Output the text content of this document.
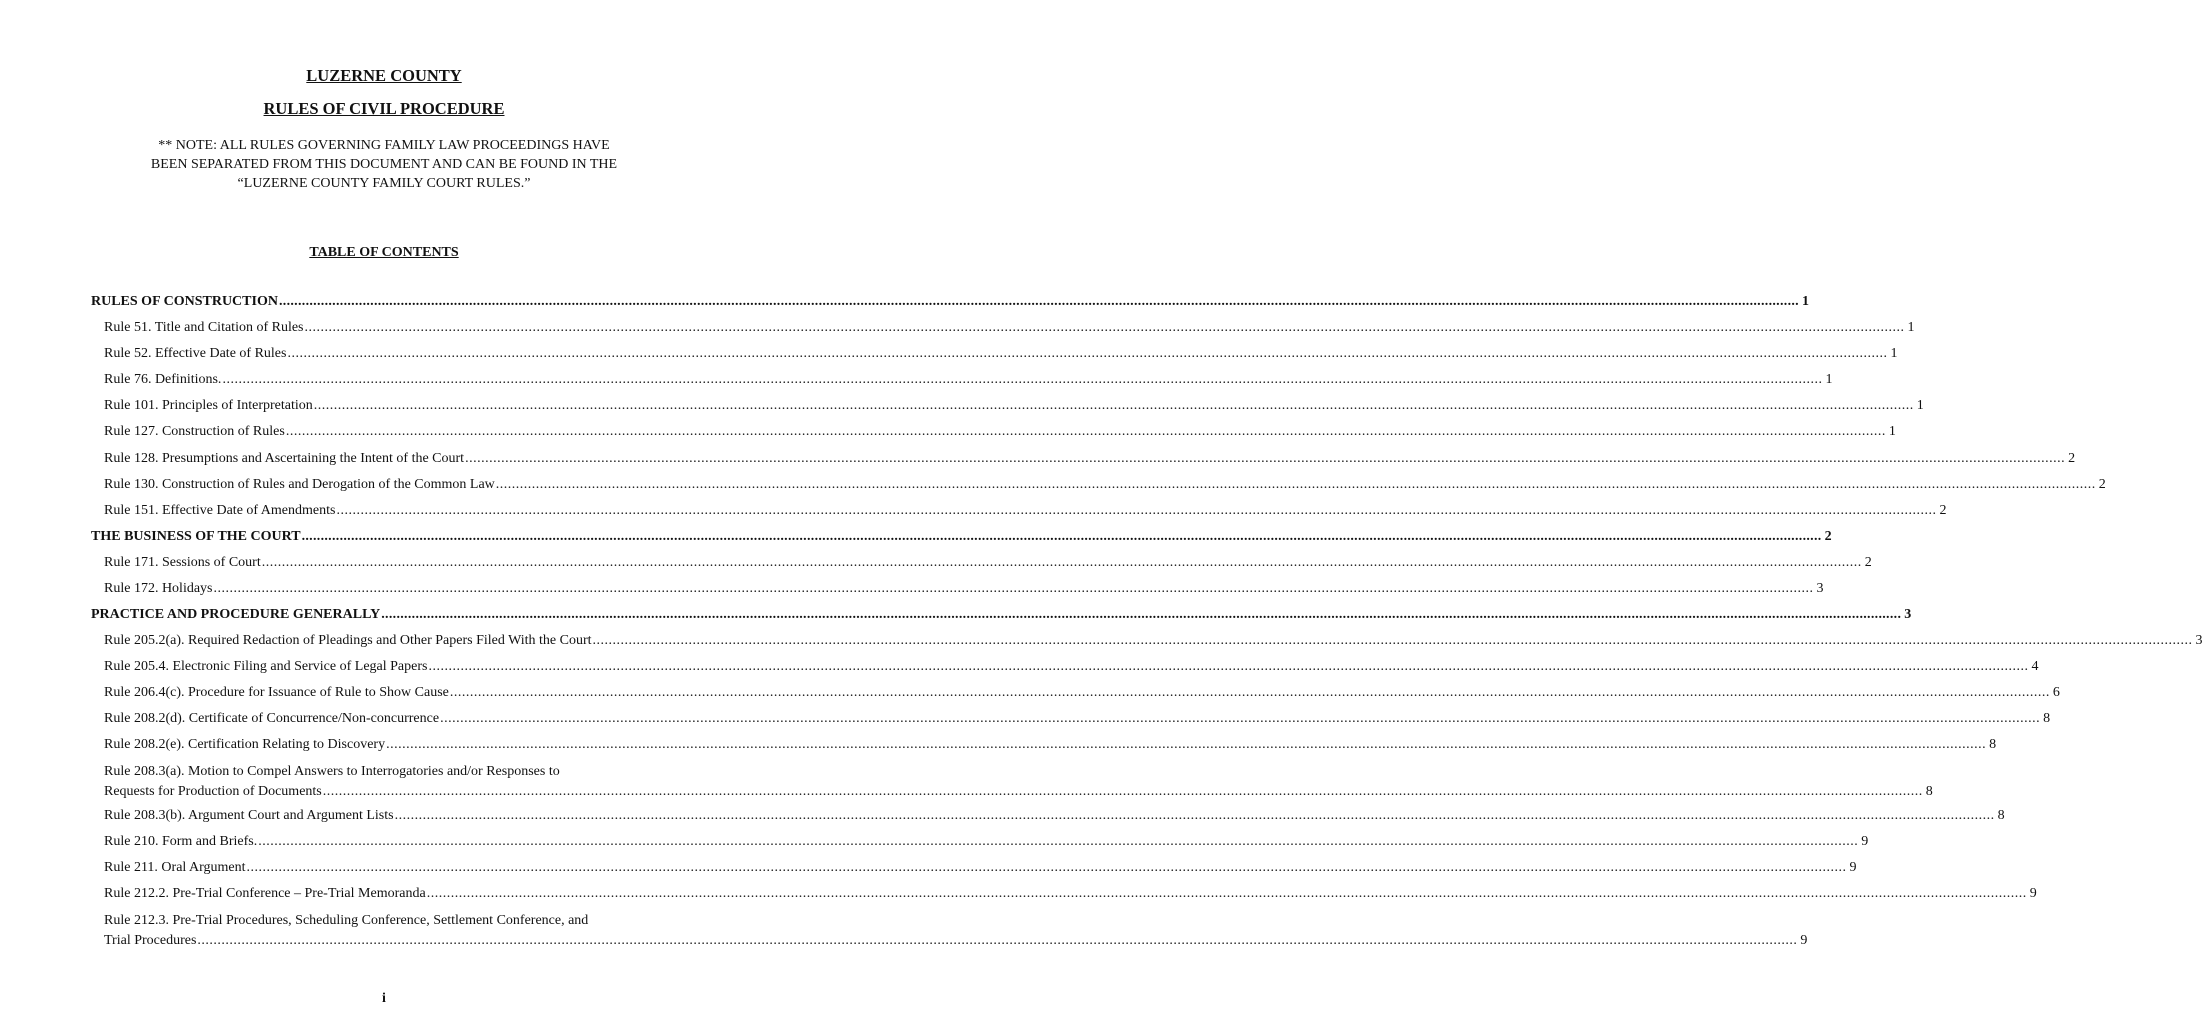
LUZERNE COUNTY
RULES OF CIVIL PROCEDURE
** NOTE: ALL RULES GOVERNING FAMILY LAW PROCEEDINGS HAVE
BEEN SEPARATED FROM THIS DOCUMENT AND CAN BE FOUND IN THE
“LUZERNE COUNTY FAMILY COURT RULES.”
TABLE OF CONTENTS
RULES OF CONSTRUCTION ................................................................................................................................................................................................................................................................................................................................................................................................................ 1
Rule 51. Title and Citation of Rules ................................................................................................................................................................................................................................................................................................................................................................................................................ 1
Rule 52. Effective Date of Rules ................................................................................................................................................................................................................................................................................................................................................................................................................ 1
Rule 76. Definitions. ................................................................................................................................................................................................................................................................................................................................................................................................................ 1
Rule 101. Principles of Interpretation ................................................................................................................................................................................................................................................................................................................................................................................................................ 1
Rule 127. Construction of Rules ................................................................................................................................................................................................................................................................................................................................................................................................................ 1
Rule 128. Presumptions and Ascertaining the Intent of the Court ................................................................................................................................................................................................................................................................................................................................................................................................................ 2
Rule 130. Construction of Rules and Derogation of the Common Law ................................................................................................................................................................................................................................................................................................................................................................................................................ 2
Rule 151. Effective Date of Amendments ................................................................................................................................................................................................................................................................................................................................................................................................................ 2
THE BUSINESS OF THE COURT ................................................................................................................................................................................................................................................................................................................................................................................................................ 2
Rule 171. Sessions of Court ................................................................................................................................................................................................................................................................................................................................................................................................................ 2
Rule 172. Holidays ................................................................................................................................................................................................................................................................................................................................................................................................................ 3
PRACTICE AND PROCEDURE GENERALLY ................................................................................................................................................................................................................................................................................................................................................................................................................ 3
Rule 205.2(a). Required Redaction of Pleadings and Other Papers Filed With the Court ................................................................................................................................................................................................................................................................................................................................................................................................................ 3
Rule 205.4. Electronic Filing and Service of Legal Papers ................................................................................................................................................................................................................................................................................................................................................................................................................ 4
Rule 206.4(c). Procedure for Issuance of Rule to Show Cause ................................................................................................................................................................................................................................................................................................................................................................................................................ 6
Rule 208.2(d). Certificate of Concurrence/Non-concurrence ................................................................................................................................................................................................................................................................................................................................................................................................................ 8
Rule 208.2(e). Certification Relating to Discovery ................................................................................................................................................................................................................................................................................................................................................................................................................ 8
Rule 208.3(a). Motion to Compel Answers to Interrogatories and/or Responses to
Requests for Production of Documents ................................................................................................................................................................................................................................................................................................................................................................................................................ 8
Rule 208.3(b). Argument Court and Argument Lists ................................................................................................................................................................................................................................................................................................................................................................................................................ 8
Rule 210. Form and Briefs. ................................................................................................................................................................................................................................................................................................................................................................................................................ 9
Rule 211. Oral Argument ................................................................................................................................................................................................................................................................................................................................................................................................................ 9
Rule 212.2. Pre-Trial Conference – Pre-Trial Memoranda ................................................................................................................................................................................................................................................................................................................................................................................................................ 9
Rule 212.3. Pre-Trial Procedures, Scheduling Conference, Settlement Conference, and
Trial Procedures ................................................................................................................................................................................................................................................................................................................................................................................................................ 9
i
